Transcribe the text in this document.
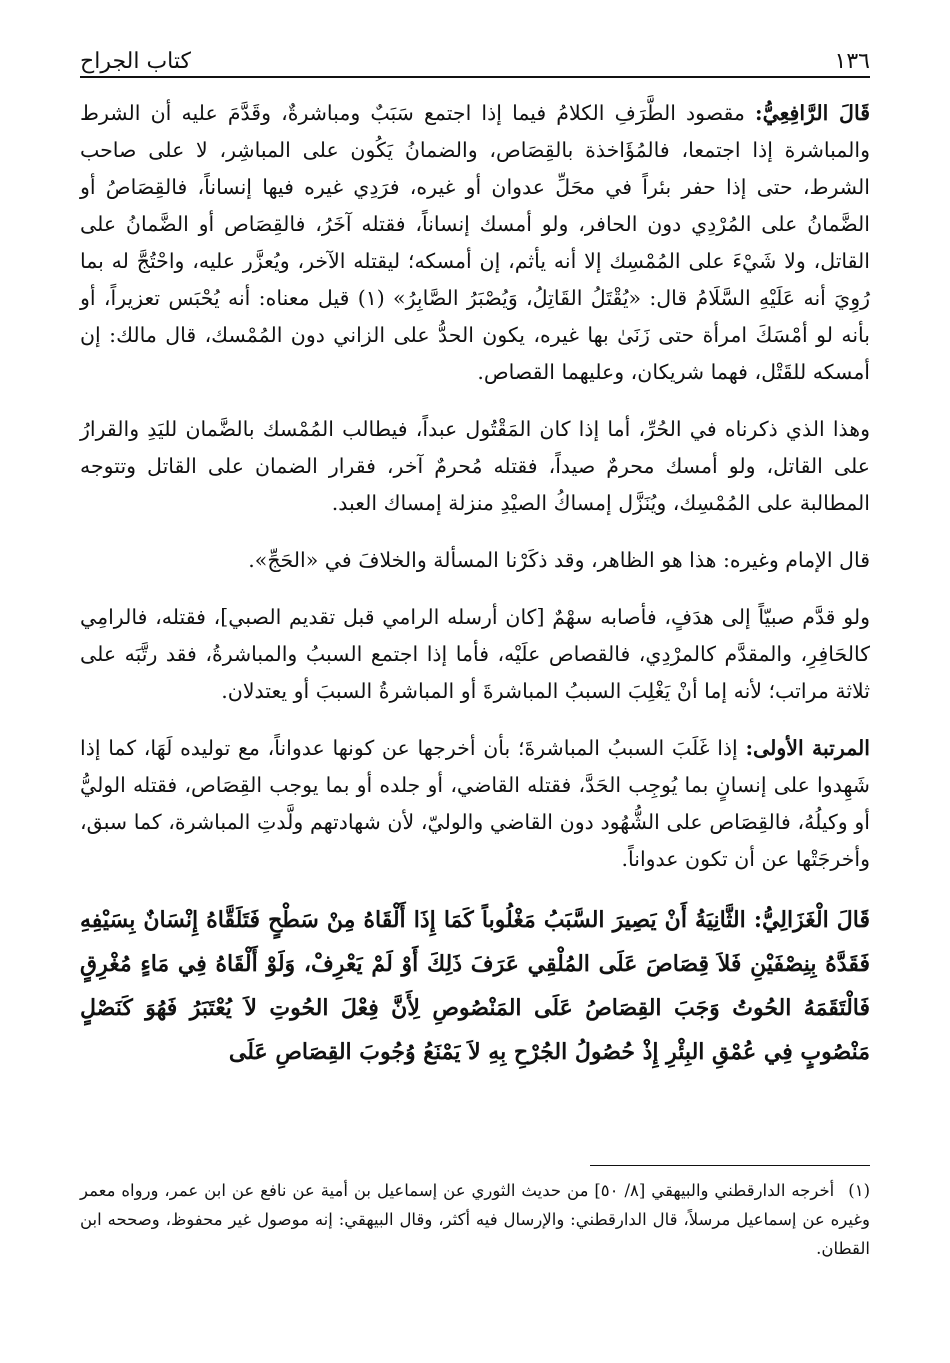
كتاب الجراح	١٣٦

قَالَ الرَّافِعِيُّ: مقصود الطَّرَفِ الكلامُ فيما إذا اجتمع سَبَبٌ ومباشرةٌ، وقَدَّمَ عليه أن الشرط والمباشرة إذا اجتمعا، فالمُؤَاخذة بالقِصَاص، والضمانُ يَكُون على المباشِر، لا على صاحب الشرط، حتى إذا حفر بئراً في محَلِّ عدوان أو غيره، فرَدِي غيره فيها إنساناً، فالقِصَاصُ أو الضَّمانُ على المُرْدِي دون الحافر، ولو أمسك إنساناً، فقتله آخَرُ، فالقِصَاص أو الضَّمانُ على القاتل، ولا شَيْءَ على المُمْسِك إلا أنه يأثم، إن أمسكه؛ ليقتله الآخر، ويُعزَّر عليه، واحْتُجَّ له بما رُوِيَ أنه عَلَيْهِ السَّلَامُ قال: «يُقْتَلُ القَاتِلُ، وَيُصْبَرُ الصَّابِرُ» (١) قيل معناه: أنه يُحْبَس تعزيراً، أو بأنه لو أمْسَكَ امرأة حتى زَنَىٰ بها غيره، يكون الحدُّ على الزاني دون المُمْسك، قال مالك: إن أمسكه للقَتْل، فهما شريكان، وعليهما القصاص.

وهذا الذي ذكرناه في الحُرِّ، أما إذا كان المَقْتُول عبداً، فيطالب المُمْسك بالضَّمان لليَدِ والقرارُ على القاتل، ولو أمسك محرمٌ صيداً، فقتله مُحرمٌ آخر، فقرار الضمان على القاتل وتتوجه المطالبة على المُمْسِك، ويُنَزَّل إمساكُ الصيْدِ منزلة إمساك العبد.

قال الإمام وغيره: هذا هو الظاهر، وقد ذكَرْنا المسألة والخلافَ في «الحَجِّ».

ولو قدَّم صبيّاً إلى هدَفٍ، فأصابه سهْمٌ [كان أرسله الرامي قبل تقديم الصبي]، فقتله، فالرامِي كالحَافِرِ، والمقدَّم كالمرْدِي، فالقصاص علَيْه، فأما إذا اجتمع السببُ والمباشرةُ، فقد رتَّبَه على ثلاثة مراتب؛ لأنه إما أنْ يَغْلِبَ السببُ المباشرةَ أو المباشرةُ السببَ أو يعتدلان.

المرتبة الأولى: إذا غَلَبَ السببُ المباشرةَ؛ بأن أخرجها عن كونها عدواناً، مع توليده لَهَا، كما إذا شَهِدوا على إنسانٍ بما يُوجِب الحَدَّ، فقتله القاضي، أو جلده أو بما يوجب القِصَاص، فقتله الوليُّ أو وكيلُهُ، فالقِصَاص على الشُّهُود دون القاضي والوليّ، لأن شهادتهم ولَّدتِ المباشرة، كما سبق، وأخرجَتْها عن أن تكون عدواناً.

قَالَ الْغَزَالِيُّ: الثَّانِيَةُ أَنْ يَصِيرَ السَّبَبُ مَغْلُوباً كَمَا إِذَا أَلْقَاهُ مِنْ سَطْحٍ فَتَلَقَّاهُ إِنْسَانٌ بِسَيْفِهِ فَقَدَّهُ بِنِصْفَيْنِ فَلاَ قِصَاصَ عَلَى المُلْقِي عَرَفَ ذَلِكَ أَوْ لَمْ يَعْرِفْ، وَلَوْ أَلْقَاهُ فِي مَاءٍ مُغْرِقٍ فَالْتَقَمَهُ الحُوتُ وَجَبَ القِصَاصُ عَلَى المَنْصُوصِ لِأَنَّ فِعْلَ الحُوتِ لاَ يُعْتَبَرُ فَهُوَ كَنَصْلٍ مَنْصُوبٍ فِي عُمْقِ البِئْرِ إِذْ حُصُولُ الجُرْحِ بِهِ لاَ يَمْنَعُ وُجُوبَ القِصَاصِ عَلَى

(١)أخرجه الدارقطني والبيهقي [٨/ ٥٠] من حديث الثوري عن إسماعيل بن أمية عن نافع عن ابن عمر، ورواه معمر وغيره عن إسماعيل مرسلاً، قال الدارقطني: والإرسال فيه أكثر، وقال البيهقي: إنه موصول غير محفوظ، وصححه ابن القطان.
